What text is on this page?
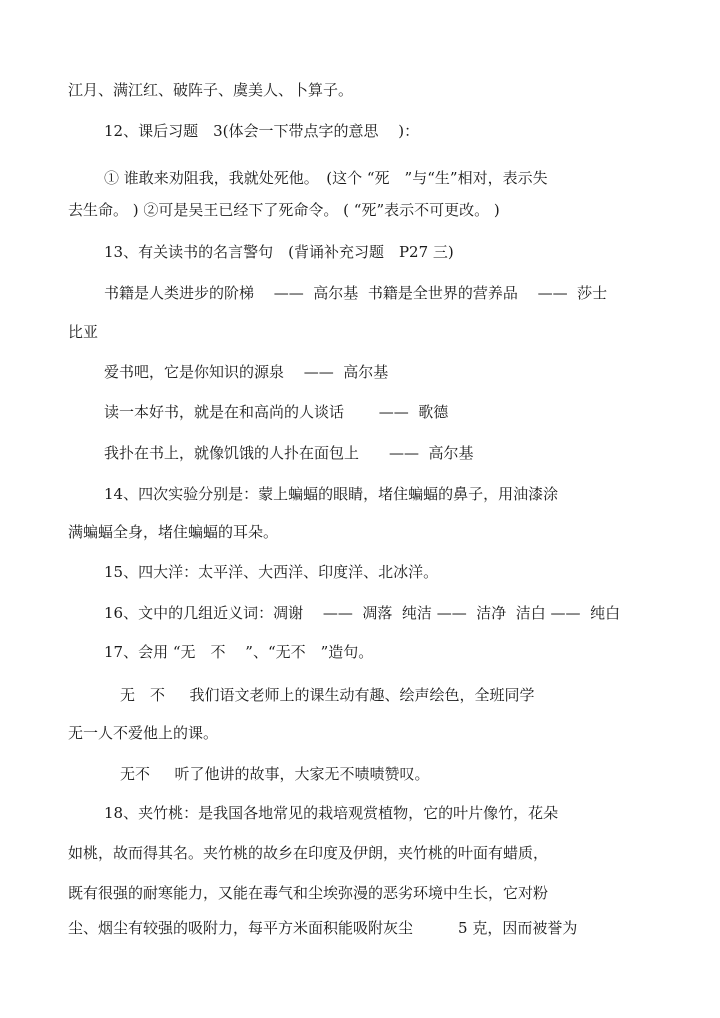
江月、满江红、破阵子、虞美人、卜算子。
12、课后习题　3(体会一下带点字的意思　 )：
① 谁敢来劝阻我，我就处死他。　(这个 “死　”与“生”相对，表示失
去生命。 ) ②可是吴王已经下了死命令。 ( “死”表示不可更改。 )
13、有关读书的名言警句　(背诵补充习题　P27 三)
书籍是人类进步的阶梯　 ——  高尔基  书籍是全世界的营养品　 ——  莎士
比亚
爱书吧，它是你知识的源泉　 ——  高尔基
读一本好书，就是在和高尚的人谈话　　 ——  歌德
我扑在书上，就像饥饿的人扑在面包上　　——  高尔基
14、四次实验分别是：蒙上蝙蝠的眼睛，堵住蝙蝠的鼻子，用油漆涂
满蝙蝠全身，堵住蝙蝠的耳朵。
15、四大洋：太平洋、大西洋、印度洋、北冰洋。
16、文中的几组近义词：凋谢　 ——  凋落  纯洁 ——  洁净  洁白 ——  纯白
17、会用 “无　不　 ”、“无不　”造句。
无　不　  我们语文老师上的课生动有趣、绘声绘色，全班同学
无一人不爱他上的课。
无不　  听了他讲的故事，大家无不啧啧赞叹。
18、夹竹桃：是我国各地常见的栽培观赏植物，它的叶片像竹，花朵
如桃，故而得其名。夹竹桃的故乡在印度及伊朗，夹竹桃的叶面有蜡质，
既有很强的耐寒能力，又能在毒气和尘埃弥漫的恶劣环境中生长，它对粉
尘、烟尘有较强的吸附力，每平方米面积能吸附灰尘　　　5 克，因而被誉为
